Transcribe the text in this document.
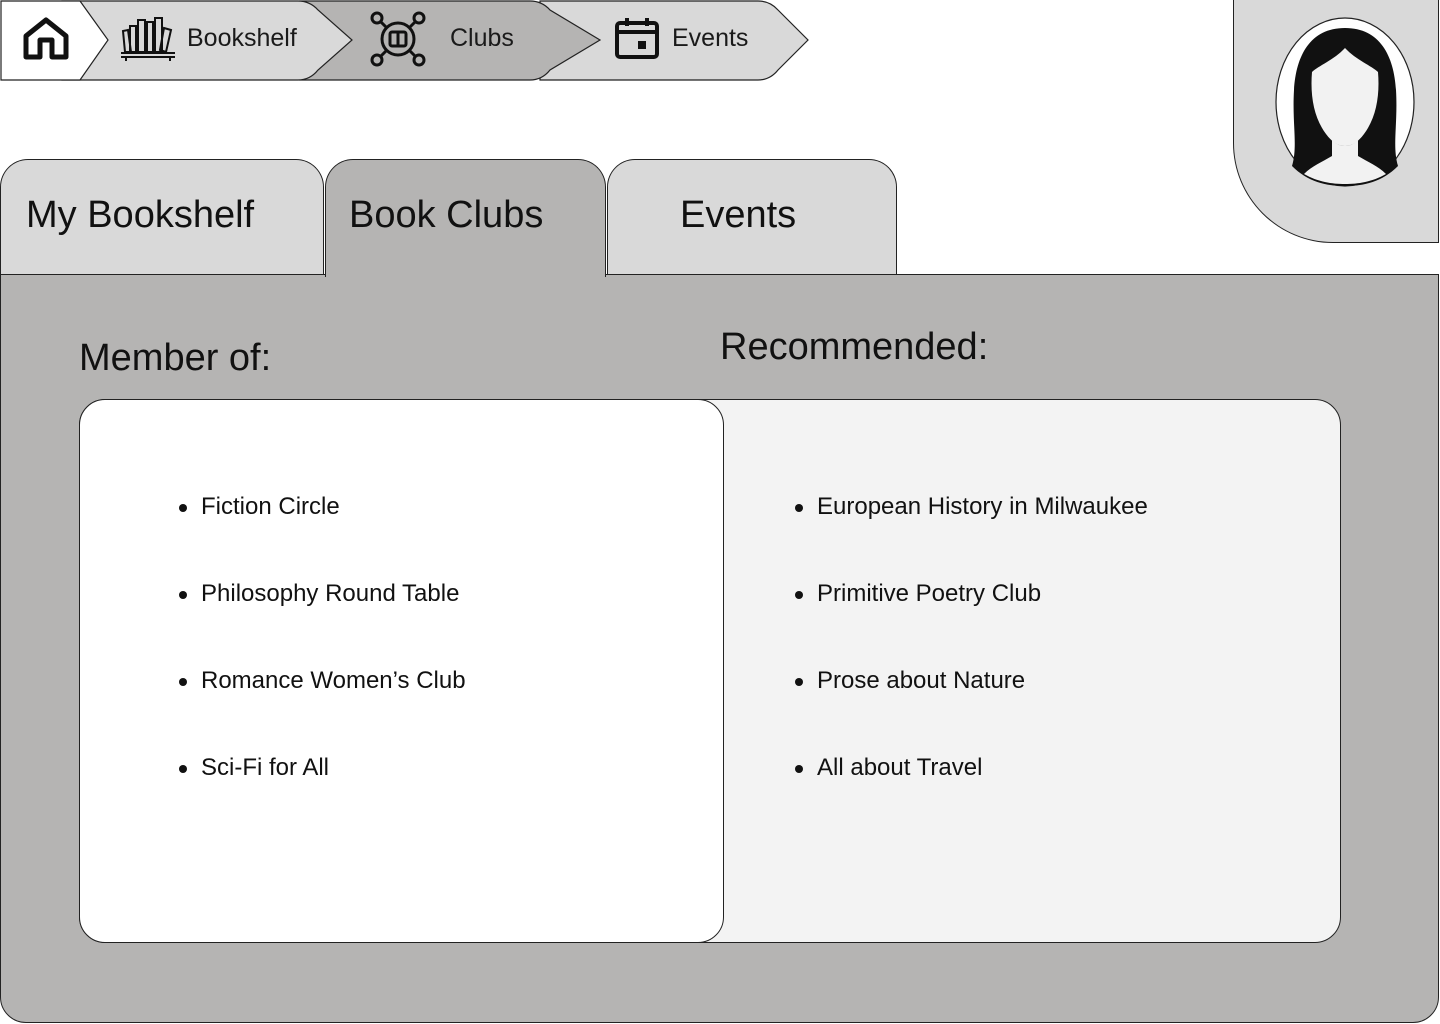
Bookshelf	Clubs	Events
My Bookshelf Book Clubs	Events
Member of:	Recommended:
European History in Milwaukee
Primitive Poetry Club
Prose about Nature
All about Travel
Fiction Circle
Philosophy Round Table
Romance Women’s Club
Sci-Fi for All
